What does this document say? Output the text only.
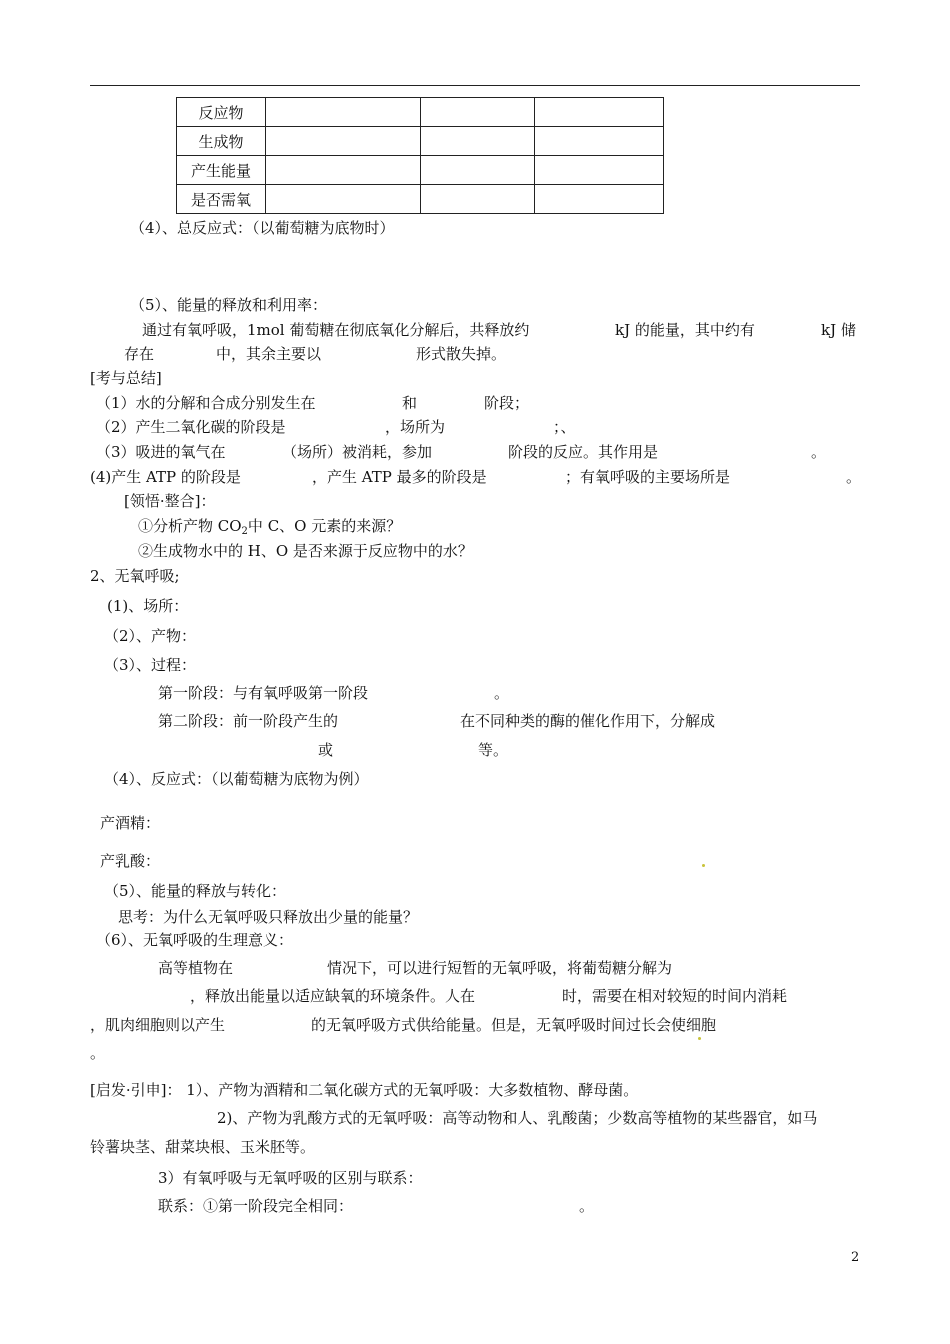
反应物			
生成物			
产生能量			
是否需氧			
（4）、总反应式：（以葡萄糖为底物时）
（5）、能量的释放和利用率：
通过有氧呼吸，1mol 葡萄糖在彻底氧化分解后，共释放约	kJ 的能量，其中约有	kJ 储
存在	中，其余主要以	形式散失掉。
[考与总结]
（1）水的分解和合成分别发生在	和	阶段；
（2）产生二氧化碳的阶段是	，场所为	；、
（3）吸进的氧气在	（场所）被消耗，参加	阶段的反应。其作用是	。
(4)产生 ATP 的阶段是	，产生 ATP 最多的阶段是	；有氧呼吸的主要场所是	。
[领悟·整合]：
①分析产物 $CO_2$中 C、O 元素的来源？
②生成物水中的 H、O 是否来源于反应物中的水？
2、无氧呼吸;
(1)、场所：
（2）、产物：
（3）、过程：
第一阶段：与有氧呼吸第一阶段	。
第二阶段：前一阶段产生的	在不同种类的酶的催化作用下，分解成
或	等。
（4）、反应式：（以葡萄糖为底物为例）
产酒精：
产乳酸：
（5）、能量的释放与转化：
思考：为什么无氧呼吸只释放出少量的能量？
（6）、无氧呼吸的生理意义：
高等植物在	情况下，可以进行短暂的无氧呼吸，将葡萄糖分解为
，释放出能量以适应缺氧的环境条件。人在	时，需要在相对较短的时间内消耗
，肌肉细胞则以产生	的无氧呼吸方式供给能量。但是，无氧呼吸时间过长会使细胞
。
[启发·引申]： 1）、产物为酒精和二氧化碳方式的无氧呼吸：大多数植物、酵母菌。
2)、产物为乳酸方式的无氧呼吸：高等动物和人、乳酸菌；少数高等植物的某些器官，如马
铃薯块茎、甜菜块根、玉米胚等。
3）有氧呼吸与无氧呼吸的区别与联系：
联系：①第一阶段完全相同：	。
2
